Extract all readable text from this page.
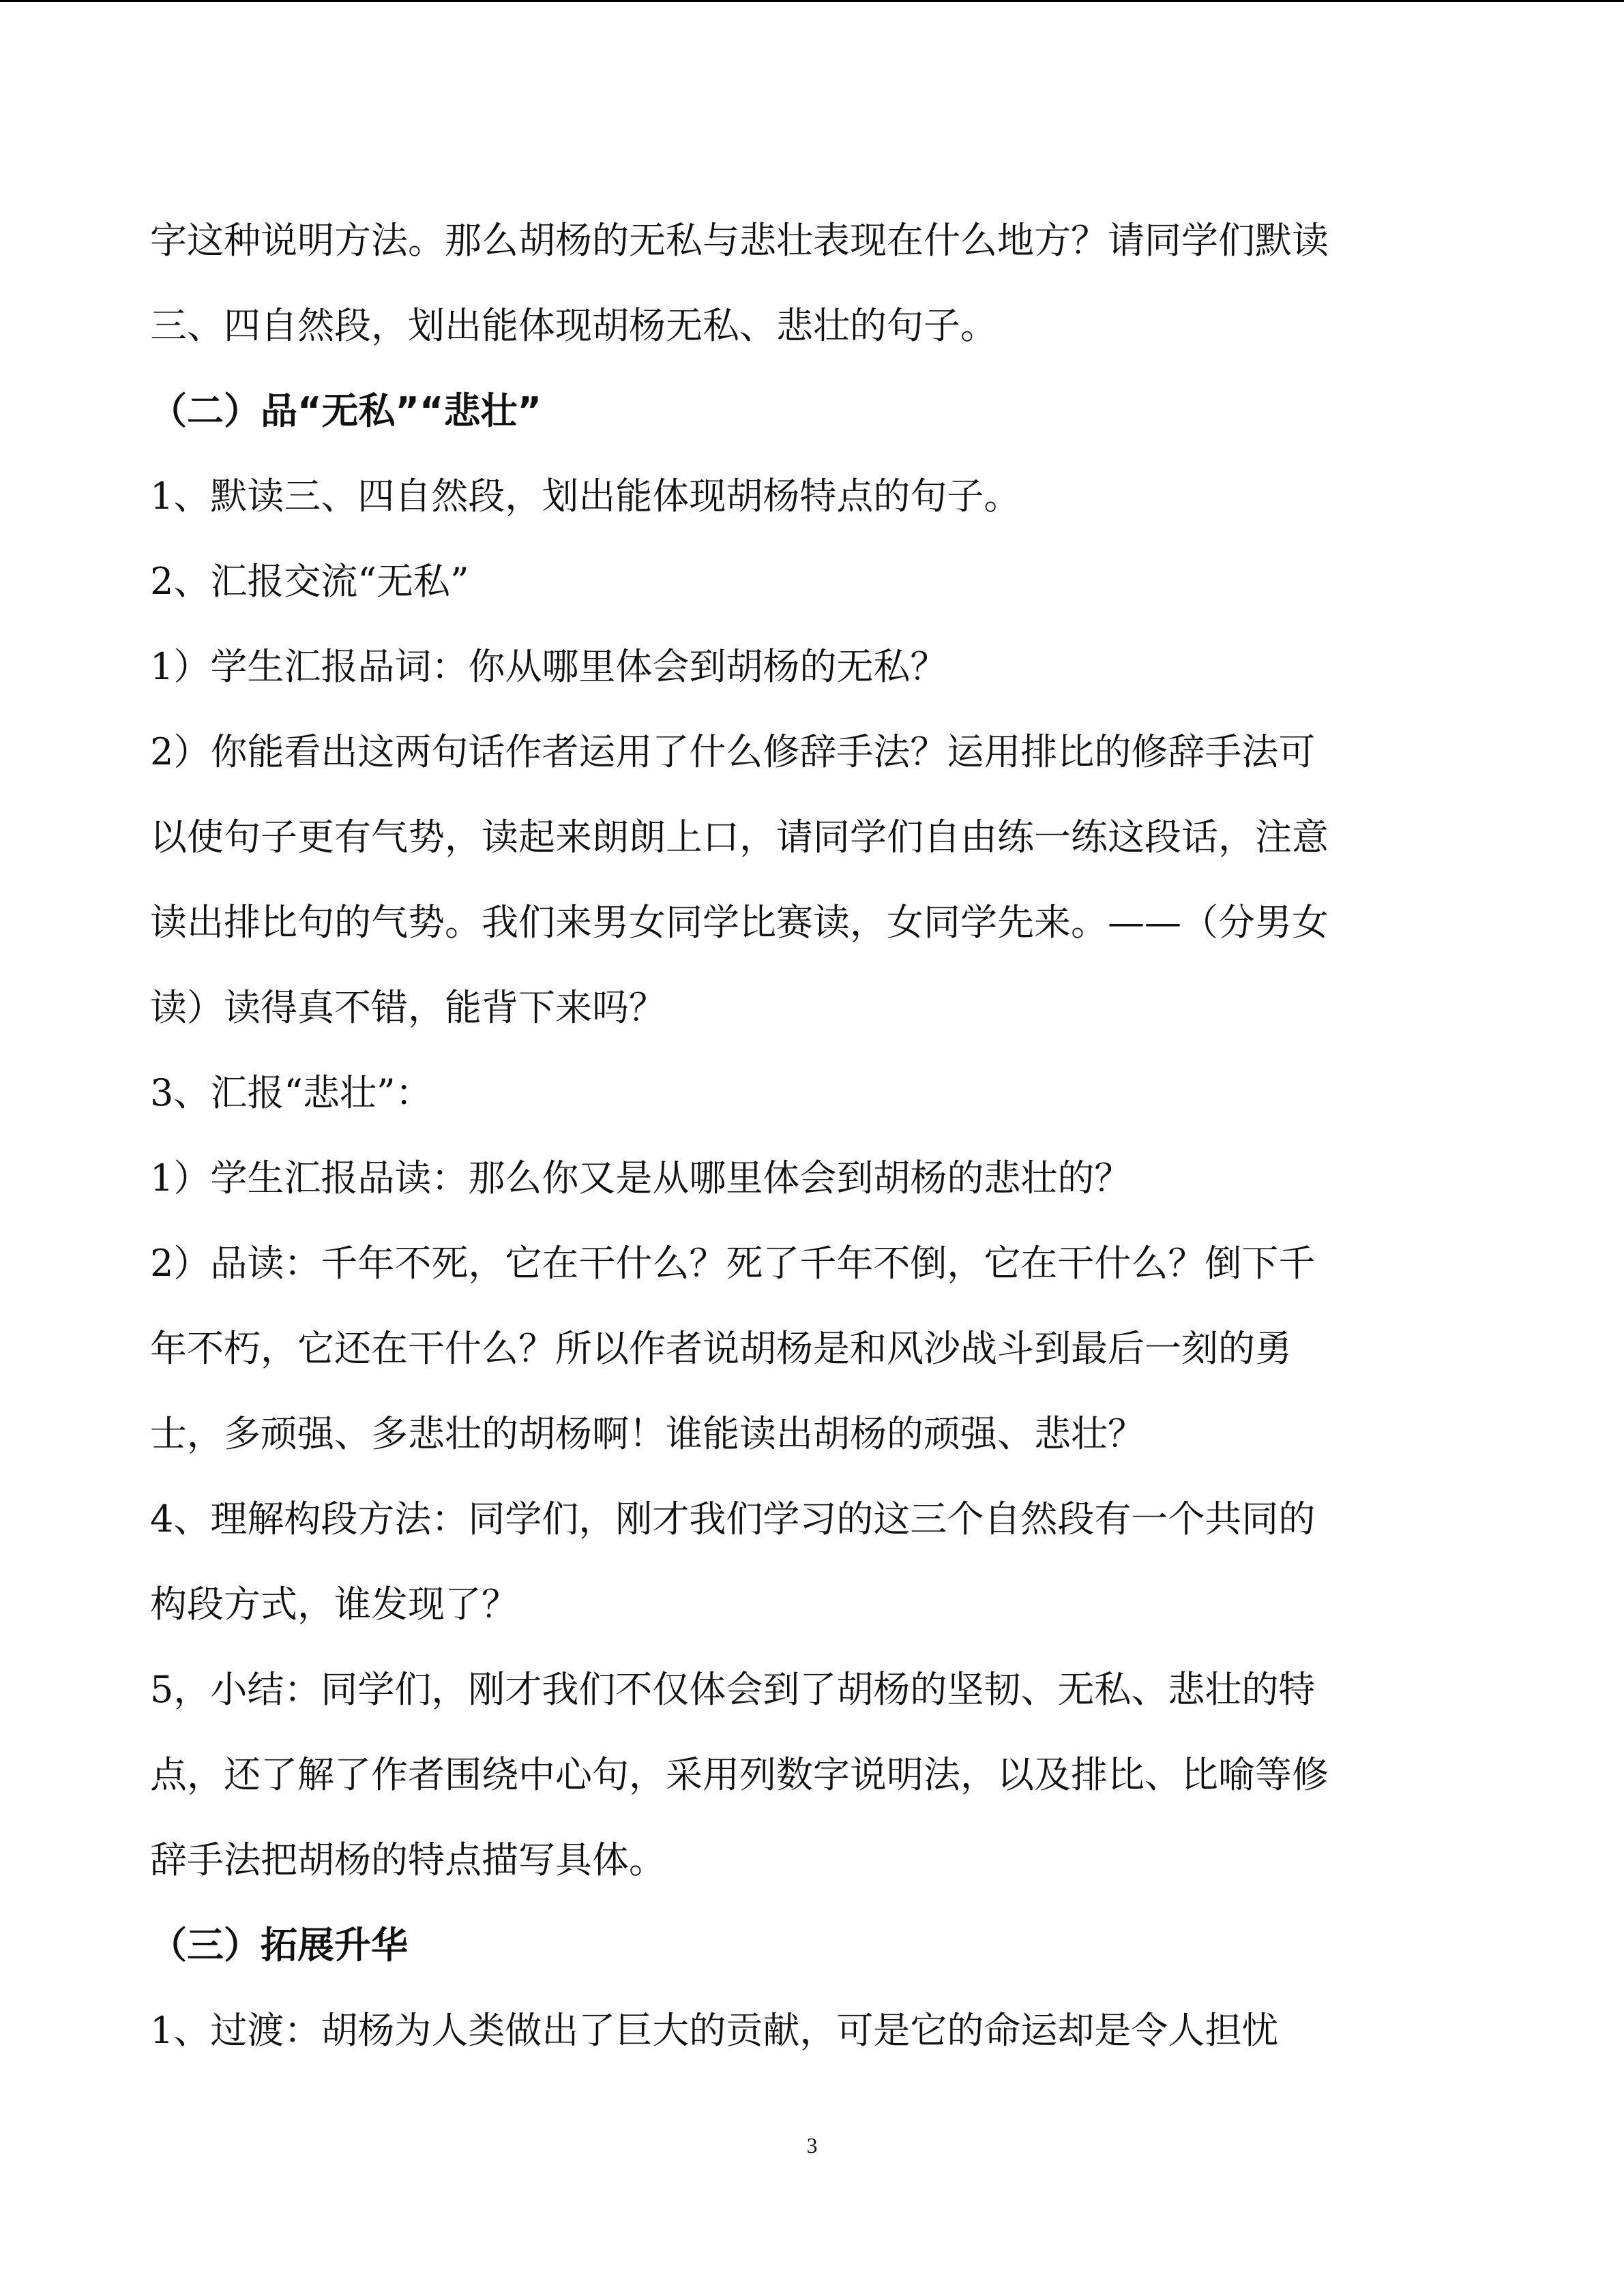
字这种说明方法。那么胡杨的无私与悲壮表现在什么地方？请同学们默读
三、四自然段，划出能体现胡杨无私、悲壮的句子。
（二）品“无私”“悲壮”
1、默读三、四自然段，划出能体现胡杨特点的句子。
2、汇报交流“无私”
1）学生汇报品词：你从哪里体会到胡杨的无私？
2）你能看出这两句话作者运用了什么修辞手法？运用排比的修辞手法可
以使句子更有气势，读起来朗朗上口，请同学们自由练一练这段话，注意
读出排比句的气势。我们来男女同学比赛读，女同学先来。——（分男女
读）读得真不错，能背下来吗？
3、汇报“悲壮”：
1）学生汇报品读：那么你又是从哪里体会到胡杨的悲壮的？
2）品读：千年不死，它在干什么？死了千年不倒，它在干什么？倒下千
年不朽，它还在干什么？所以作者说胡杨是和风沙战斗到最后一刻的勇
士，多顽强、多悲壮的胡杨啊！谁能读出胡杨的顽强、悲壮？
4、理解构段方法：同学们，刚才我们学习的这三个自然段有一个共同的
构段方式，谁发现了？
5，小结：同学们，刚才我们不仅体会到了胡杨的坚韧、无私、悲壮的特
点，还了解了作者围绕中心句，采用列数字说明法，以及排比、比喻等修
辞手法把胡杨的特点描写具体。
（三）拓展升华
1、过渡：胡杨为人类做出了巨大的贡献，可是它的命运却是令人担忧
3
